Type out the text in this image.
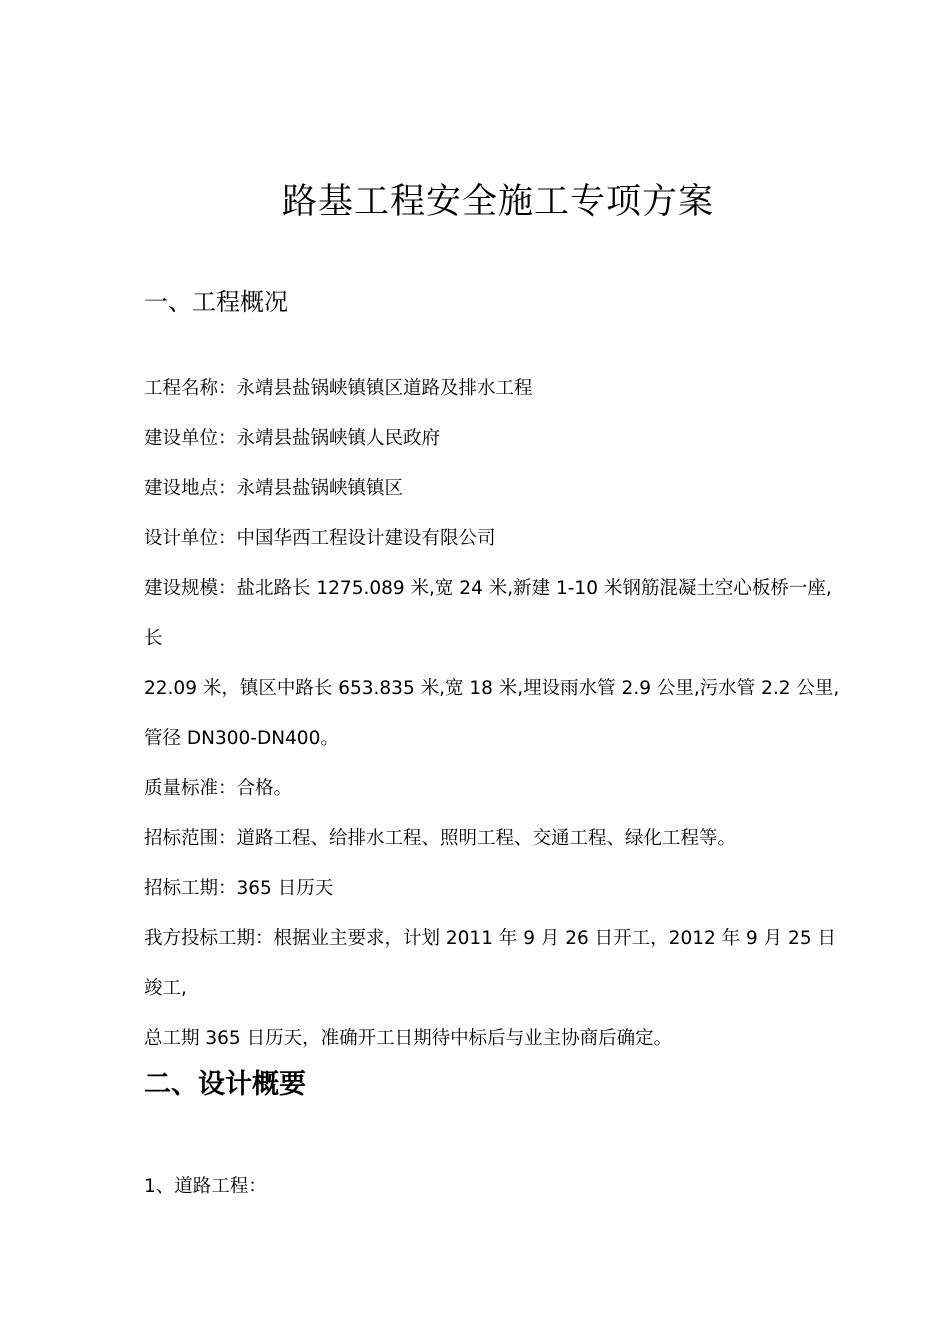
路基工程安全施工专项方案
一、工程概况
工程名称：永靖县盐锅峡镇镇区道路及排水工程
建设单位：永靖县盐锅峡镇人民政府
建设地点：永靖县盐锅峡镇镇区
设计单位：中国华西工程设计建设有限公司
建设规模：盐北路长 1275.089 米,宽 24 米,新建 1-10 米钢筋混凝土空心板桥一座,
长
22.09 米，镇区中路长 653.835 米,宽 18 米,埋设雨水管 2.9 公里,污水管 2.2 公里,
管径 DN300-DN400。
质量标准：合格。
招标范围：道路工程、给排水工程、照明工程、交通工程、绿化工程等。
招标工期：365 日历天
我方投标工期：根据业主要求，计划 2011 年 9 月 26 日开工，2012 年 9 月 25 日
竣工,
总工期 365 日历天，准确开工日期待中标后与业主协商后确定。
二、设计概要
1、道路工程：
